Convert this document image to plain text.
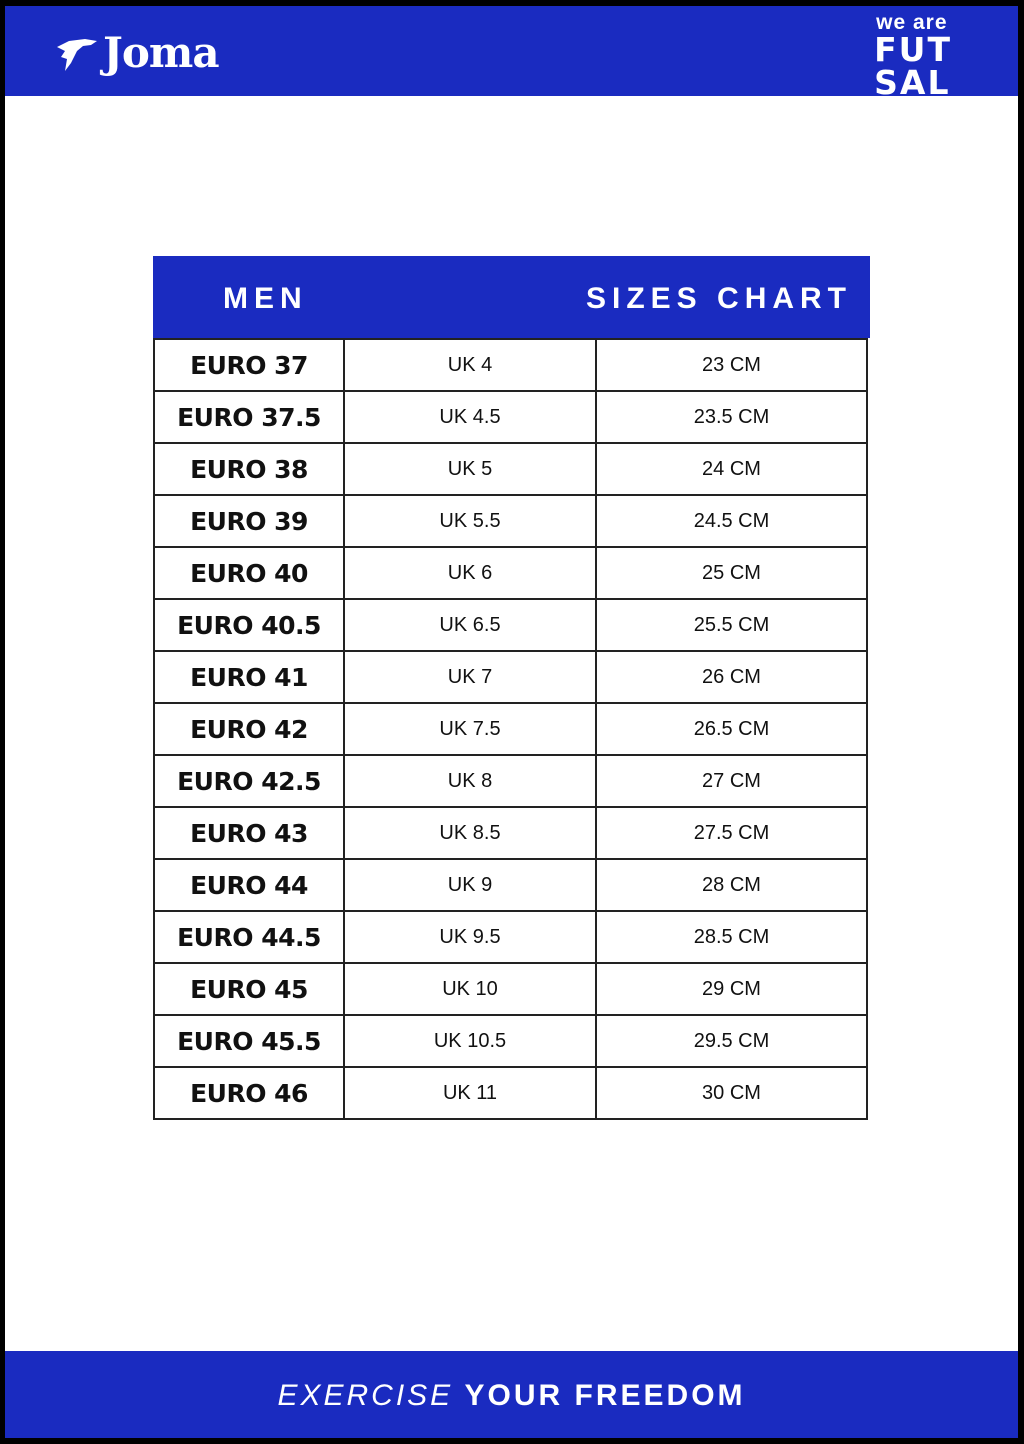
Joma
we are
FUT
SAL
MEN	SIZES CHART
EURO 37	UK 4	23 CM
EURO 37.5	UK 4.5	23.5 CM
EURO 38	UK 5	24 CM
EURO 39	UK 5.5	24.5 CM
EURO 40	UK 6	25 CM
EURO 40.5	UK 6.5	25.5 CM
EURO 41	UK 7	26 CM
EURO 42	UK 7.5	26.5 CM
EURO 42.5	UK 8	27 CM
EURO 43	UK 8.5	27.5 CM
EURO 44	UK 9	28 CM
EURO 44.5	UK 9.5	28.5 CM
EURO 45	UK 10	29 CM
EURO 45.5	UK 10.5	29.5 CM
EURO 46	UK 11	30 CM
EXERCISE YOUR FREEDOM
